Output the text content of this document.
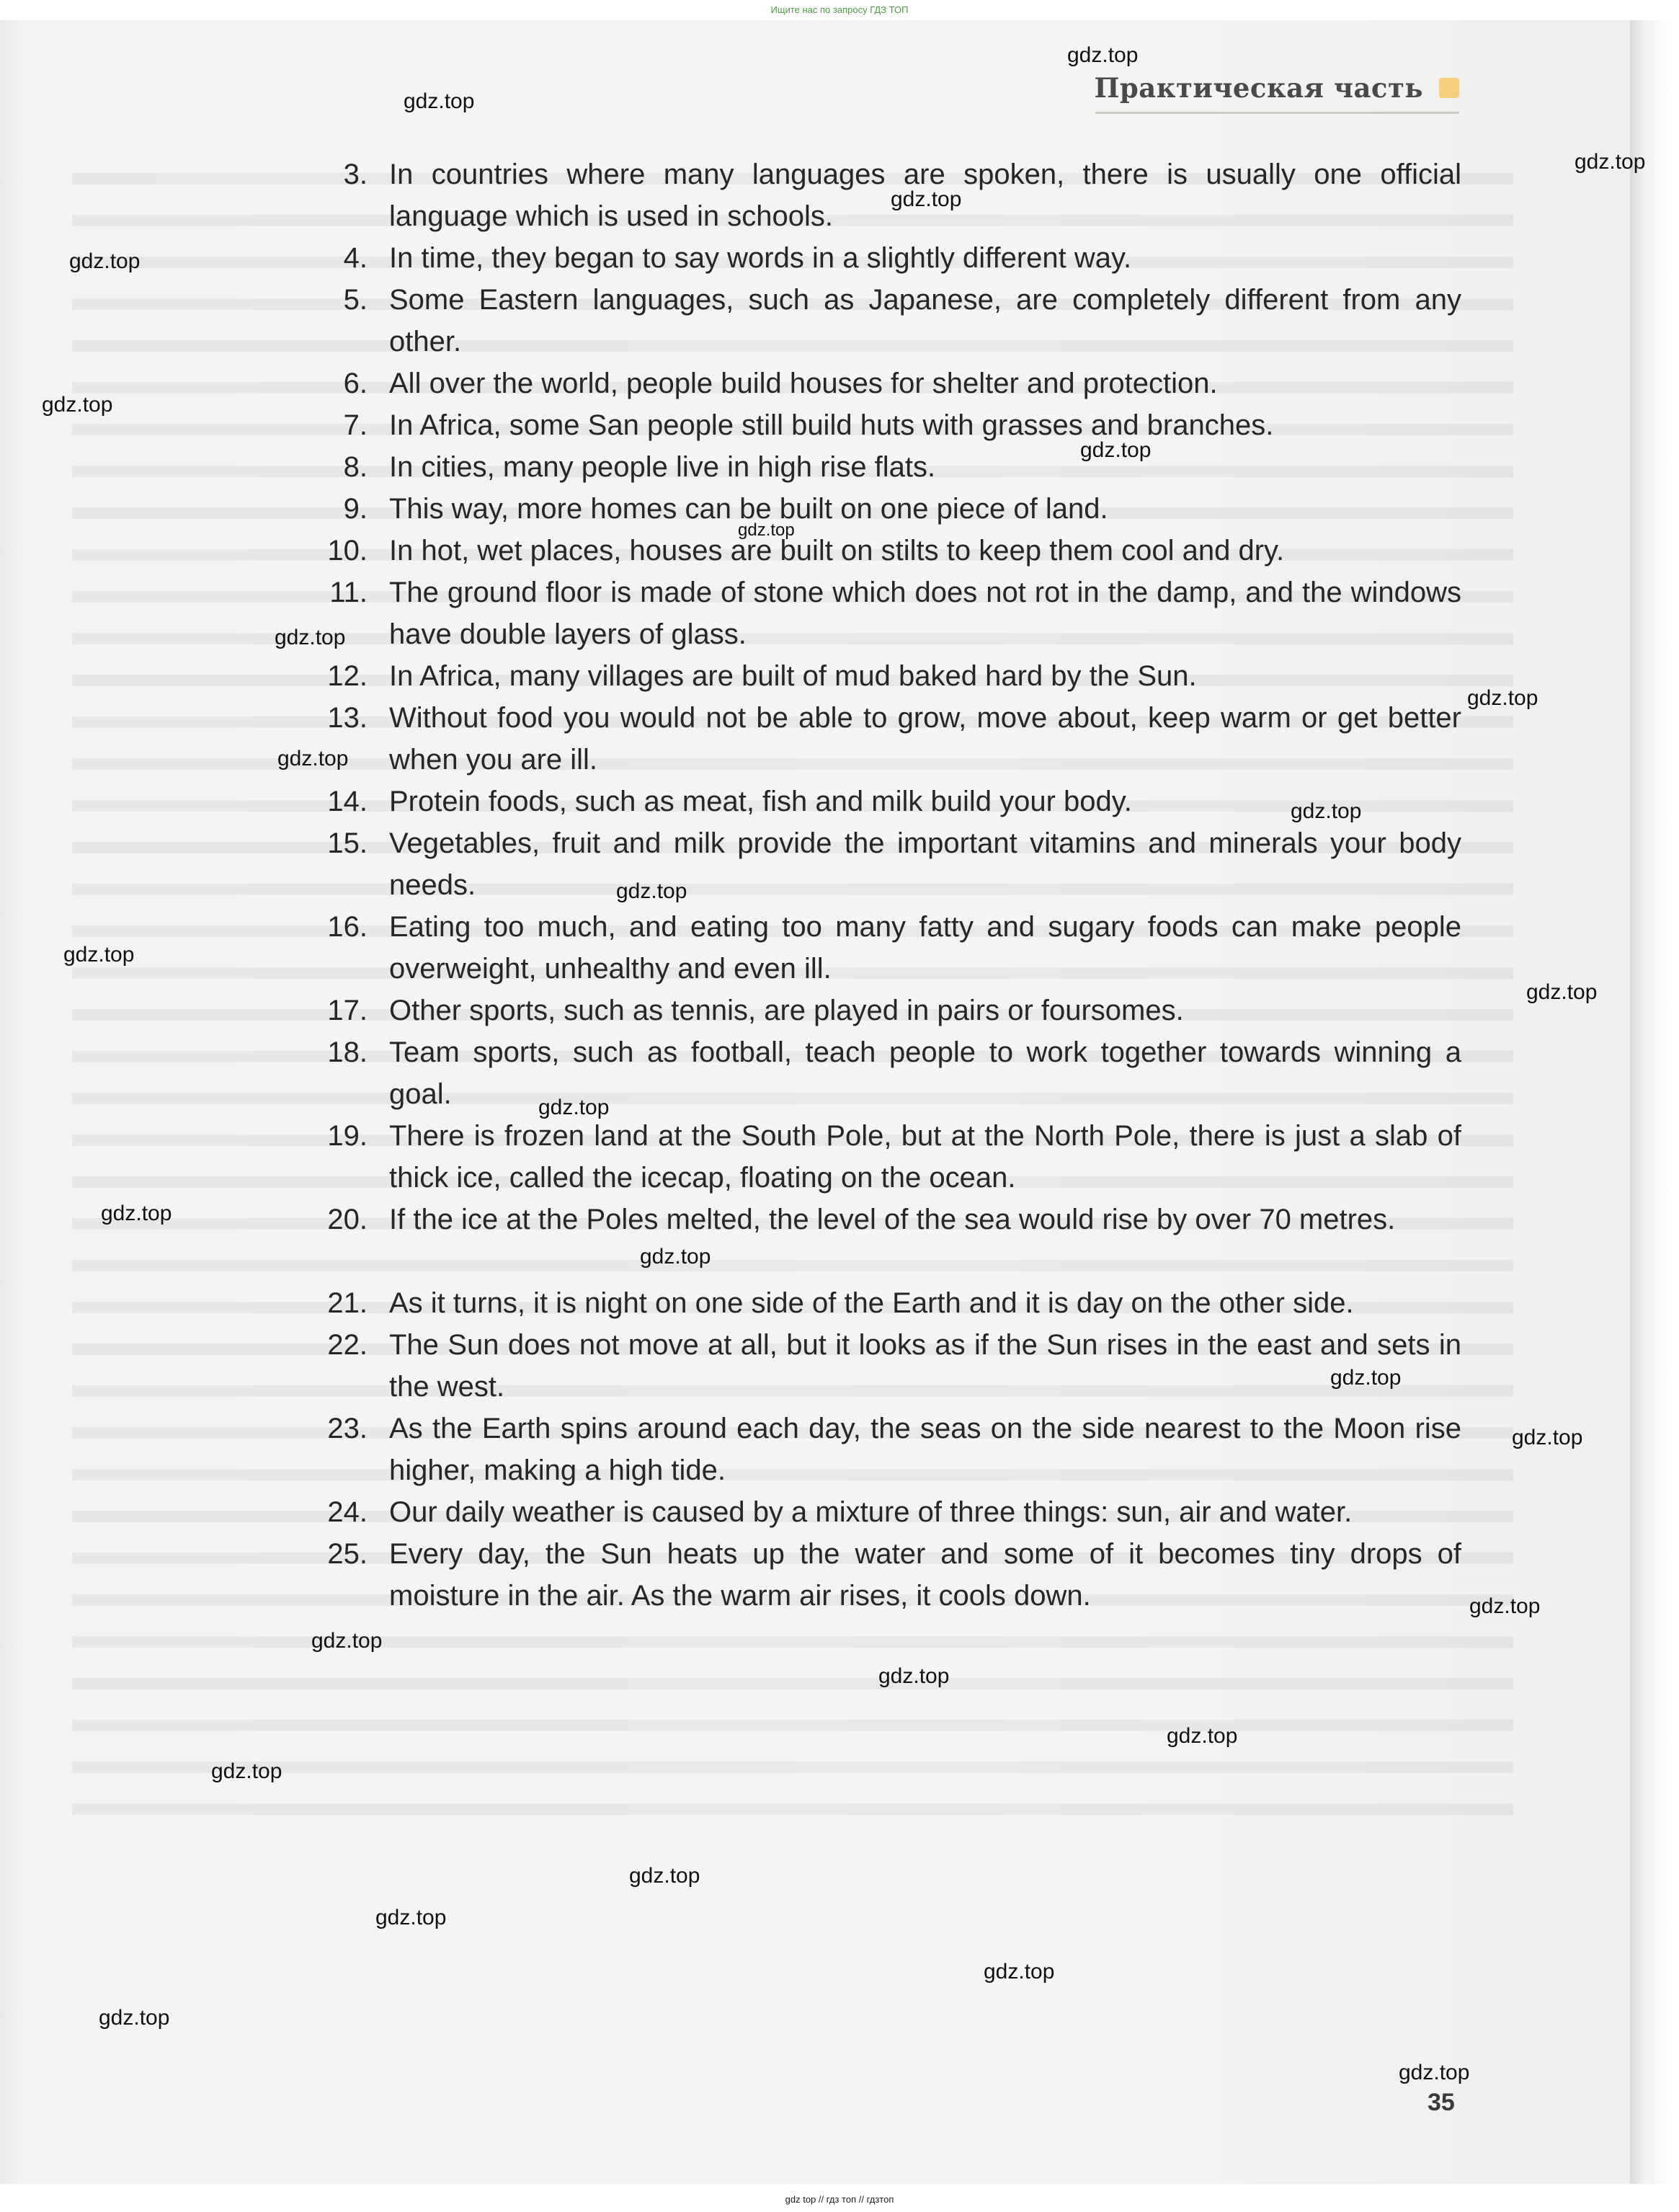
Ищите нас по запросу ГДЗ ТОП
Практическая часть
3. In countries where many languages are spoken, there is usually one official language which is used in schools.
4. In time, they began to say words in a slightly different way.
5. Some Eastern languages, such as Japanese, are completely different from any other.
6. All over the world, people build houses for shelter and protection.
7. In Africa, some San people still build huts with grasses and branches.
8. In cities, many people live in high rise flats.
9. This way, more homes can be built on one piece of land.
10. In hot, wet places, houses are built on stilts to keep them cool and dry.
11. The ground floor is made of stone which does not rot in the damp, and the windows have double layers of glass.
12. In Africa, many villages are built of mud baked hard by the Sun.
13. Without food you would not be able to grow, move about, keep warm or get better when you are ill.
14. Protein foods, such as meat, fish and milk build your body.
15. Vegetables, fruit and milk provide the important vitamins and minerals your body needs.
16. Eating too much, and eating too many fatty and sugary foods can make people overweight, unhealthy and even ill.
17. Other sports, such as tennis, are played in pairs or foursomes.
18. Team sports, such as football, teach people to work together towards winning a goal.
19. There is frozen land at the South Pole, but at the North Pole, there is just a slab of thick ice, called the icecap, floating on the ocean.
20. If the ice at the Poles melted, the level of the sea would rise by over 70 metres.
21. As it turns, it is night on one side of the Earth and it is day on the other side.
22. The Sun does not move at all, but it looks as if the Sun rises in the east and sets in the west.
23. As the Earth spins around each day, the seas on the side nearest to the Moon rise higher, making a high tide.
24. Our daily weather is caused by a mixture of three things: sun, air and water.
25. Every day, the Sun heats up the water and some of it becomes tiny drops of moisture in the air. As the warm air rises, it cools down.
gdz.top
gdz.top
gdz.top
gdz.top
gdz.top
gdz.top
gdz.top
gdz.top
gdz.top
gdz.top
gdz.top
gdz.top
gdz.top
gdz.top
gdz.top
gdz.top
gdz.top
gdz.top
gdz.top
gdz.top
gdz.top
gdz.top
gdz.top
gdz.top
gdz.top
gdz.top
gdz.top
gdz.top
gdz.top
gdz.top
35
gdz top // гдз топ // гдзтоп
